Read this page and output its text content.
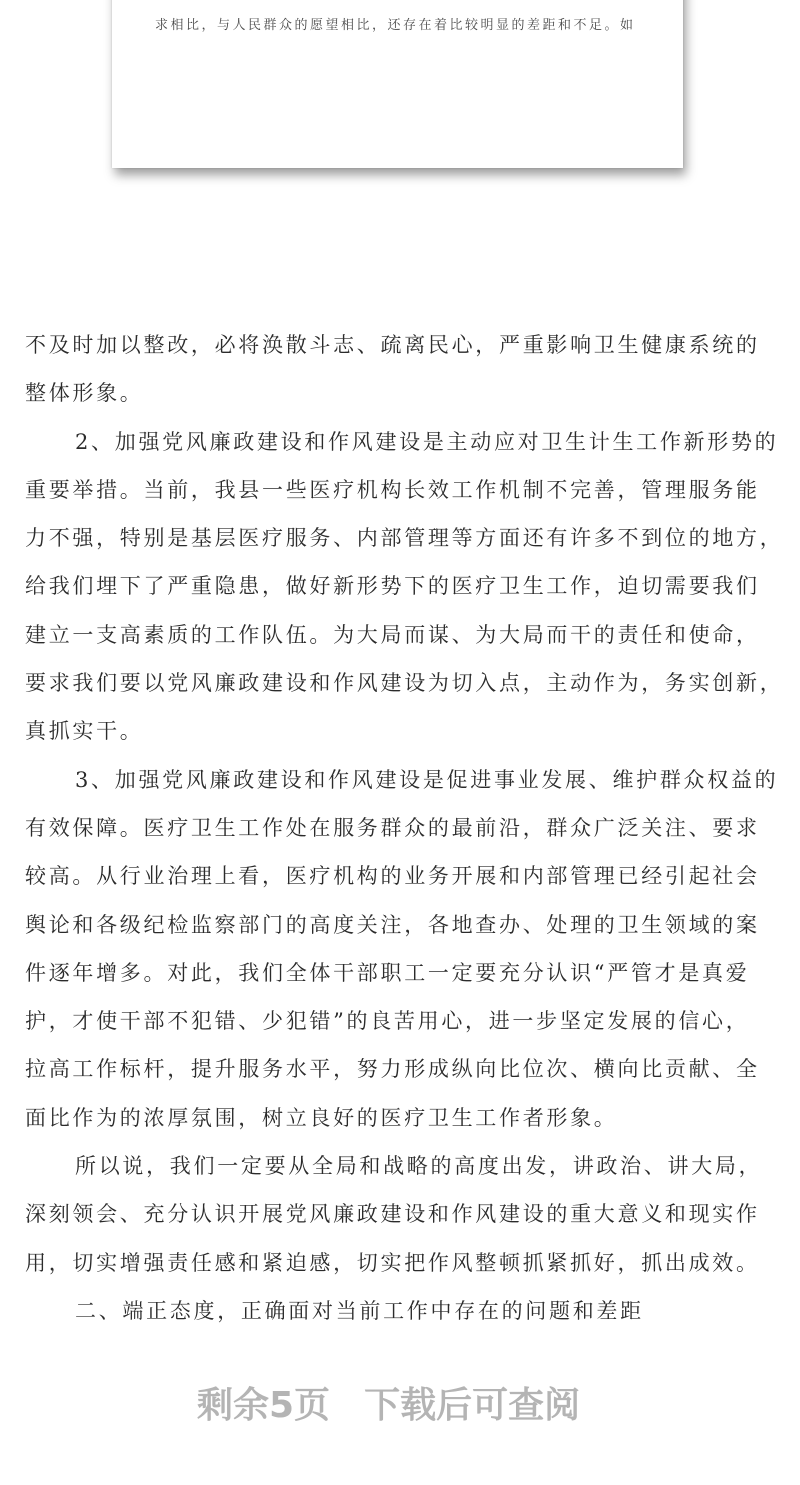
求相比，与人民群众的愿望相比，还存在着比较明显的差距和不足。如
不及时加以整改，必将涣散斗志、疏离民心，严重影响卫生健康系统的
整体形象。
2、加强党风廉政建设和作风建设是主动应对卫生计生工作新形势的
重要举措。当前，我县一些医疗机构长效工作机制不完善，管理服务能
力不强，特别是基层医疗服务、内部管理等方面还有许多不到位的地方，
给我们埋下了严重隐患，做好新形势下的医疗卫生工作，迫切需要我们
建立一支高素质的工作队伍。为大局而谋、为大局而干的责任和使命，
要求我们要以党风廉政建设和作风建设为切入点，主动作为，务实创新，
真抓实干。
3、加强党风廉政建设和作风建设是促进事业发展、维护群众权益的
有效保障。医疗卫生工作处在服务群众的最前沿，群众广泛关注、要求
较高。从行业治理上看，医疗机构的业务开展和内部管理已经引起社会
舆论和各级纪检监察部门的高度关注，各地查办、处理的卫生领域的案
件逐年增多。对此，我们全体干部职工一定要充分认识“严管才是真爱
护，才使干部不犯错、少犯错”的良苦用心，进一步坚定发展的信心，
拉高工作标杆，提升服务水平，努力形成纵向比位次、横向比贡献、全
面比作为的浓厚氛围，树立良好的医疗卫生工作者形象。
所以说，我们一定要从全局和战略的高度出发，讲政治、讲大局，
深刻领会、充分认识开展党风廉政建设和作风建设的重大意义和现实作
用，切实增强责任感和紧迫感，切实把作风整顿抓紧抓好，抓出成效。
二、端正态度，正确面对当前工作中存在的问题和差距
剩余5页 下载后可查阅
